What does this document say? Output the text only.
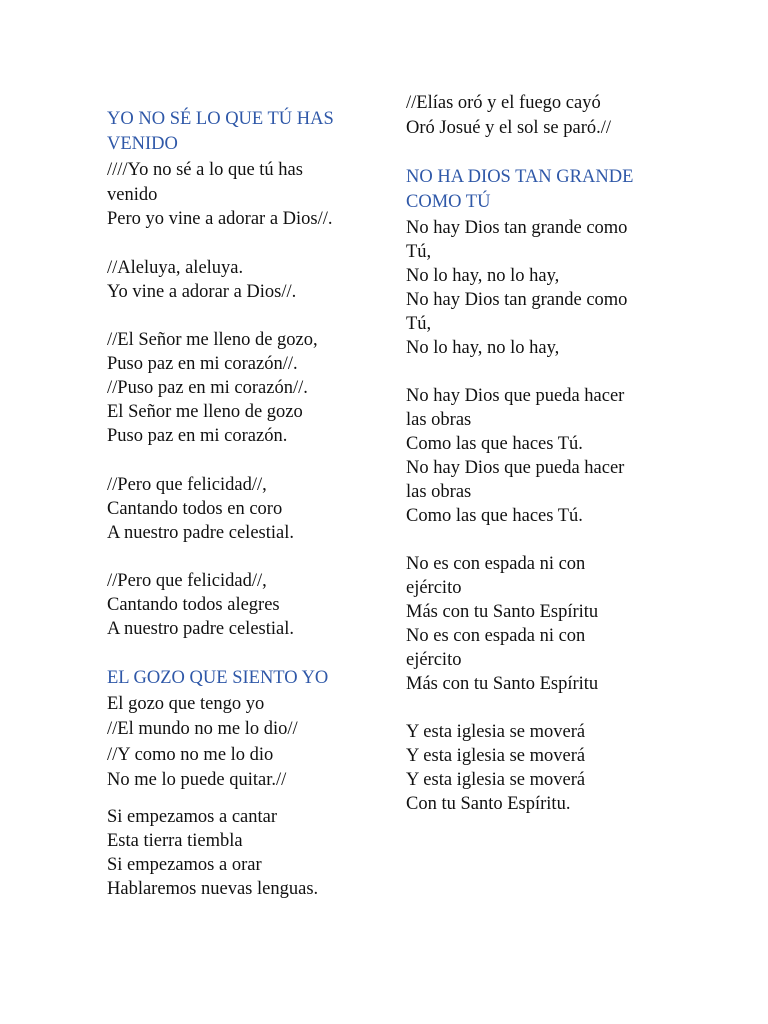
YO NO SÉ LO QUE TÚ HAS
VENIDO
////Yo no sé a lo que tú has
venido
Pero yo vine a adorar a Dios//.
//Aleluya, aleluya.
Yo vine a adorar a Dios//.
//El Señor me lleno de gozo,
Puso paz en mi corazón//.
//Puso paz en mi corazón//.
El Señor me lleno de gozo
Puso paz en mi corazón.
//Pero que felicidad//,
Cantando todos en coro
A nuestro padre celestial.
//Pero que felicidad//,
Cantando todos alegres
A nuestro padre celestial.
EL GOZO QUE SIENTO YO
El gozo que tengo yo
//El mundo no me lo dio//
//Y como no me lo dio
No me lo puede quitar.//
Si empezamos a cantar
Esta tierra tiembla
Si empezamos a orar
Hablaremos nuevas lenguas.
//Elías oró y el fuego cayó
Oró Josué y el sol se paró.//
NO HA DIOS TAN GRANDE
COMO TÚ
No hay Dios tan grande como
Tú,
No lo hay, no lo hay,
No hay Dios tan grande como
Tú,
No lo hay, no lo hay,
No hay Dios que pueda hacer
las obras
Como las que haces Tú.
No hay Dios que pueda hacer
las obras
Como las que haces Tú.
No es con espada ni con
ejército
Más con tu Santo Espíritu
No es con espada ni con
ejército
Más con tu Santo Espíritu
Y esta iglesia se moverá
Y esta iglesia se moverá
Y esta iglesia se moverá
Con tu Santo Espíritu.
